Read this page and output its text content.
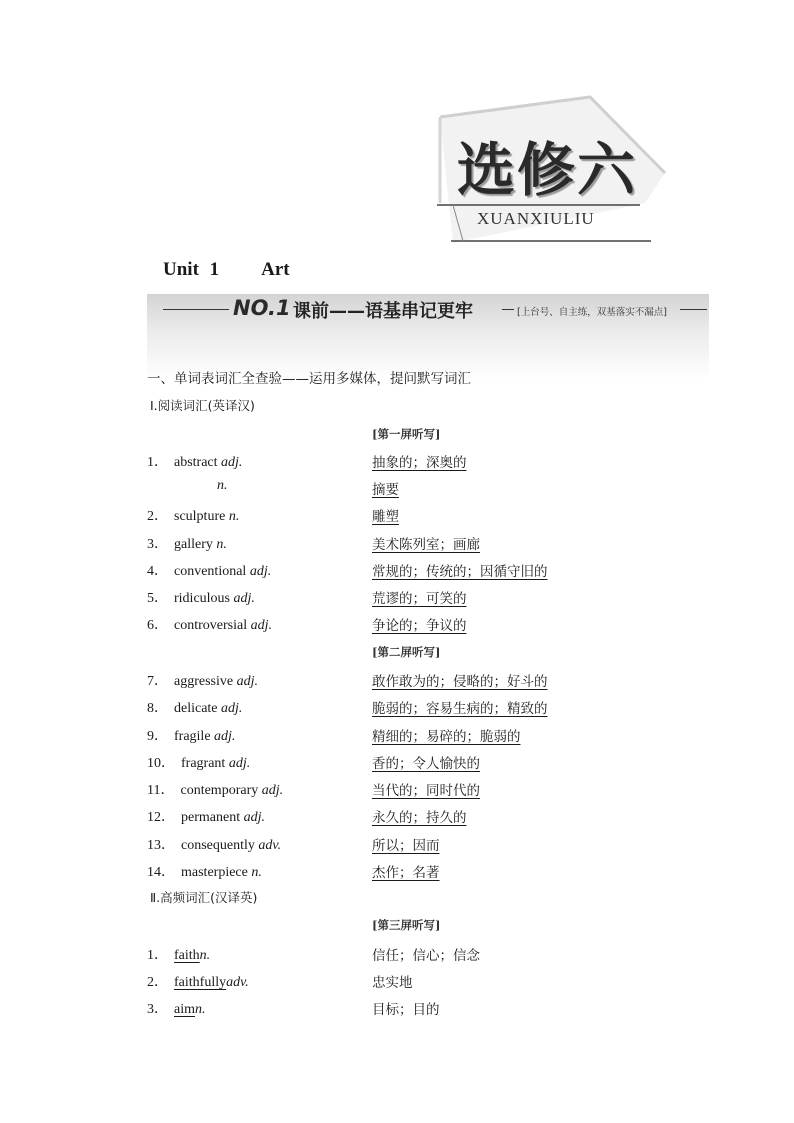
选修六
XUANXIULIU
Unit 1 Art
NO.1 课前——语基串记更牢	[上台号、自主练，双基落实不漏点]
一、单词表词汇全查验——运用多媒体，提问默写词汇
Ⅰ.阅读词汇(英译汉)
[第一屏听写]
1． abstract adj.	抽象的；深奥的
n.	摘要
2． sculpture n.	雕塑
3． gallery n.	美术陈列室；画廊
4． conventional adj.	常规的；传统的；因循守旧的
5． ridiculous adj.	荒谬的；可笑的
6． controversial adj.	争论的；争议的
[第二屏听写]
7． aggressive adj.	敢作敢为的；侵略的；好斗的
8． delicate adj.	脆弱的；容易生病的；精致的
9． fragile adj.	精细的；易碎的；脆弱的
10． fragrant adj.	香的；令人愉快的
11． contemporary adj.	当代的；同时代的
12． permanent adj.	永久的；持久的
13． consequently adv.	所以；因而
14． masterpiece n.	杰作；名著
Ⅱ.高频词汇(汉译英)
[第三屏听写]
1． faithn.	信任；信心；信念
2． faithfullyadv.	忠实地
3． aimn.	目标；目的
